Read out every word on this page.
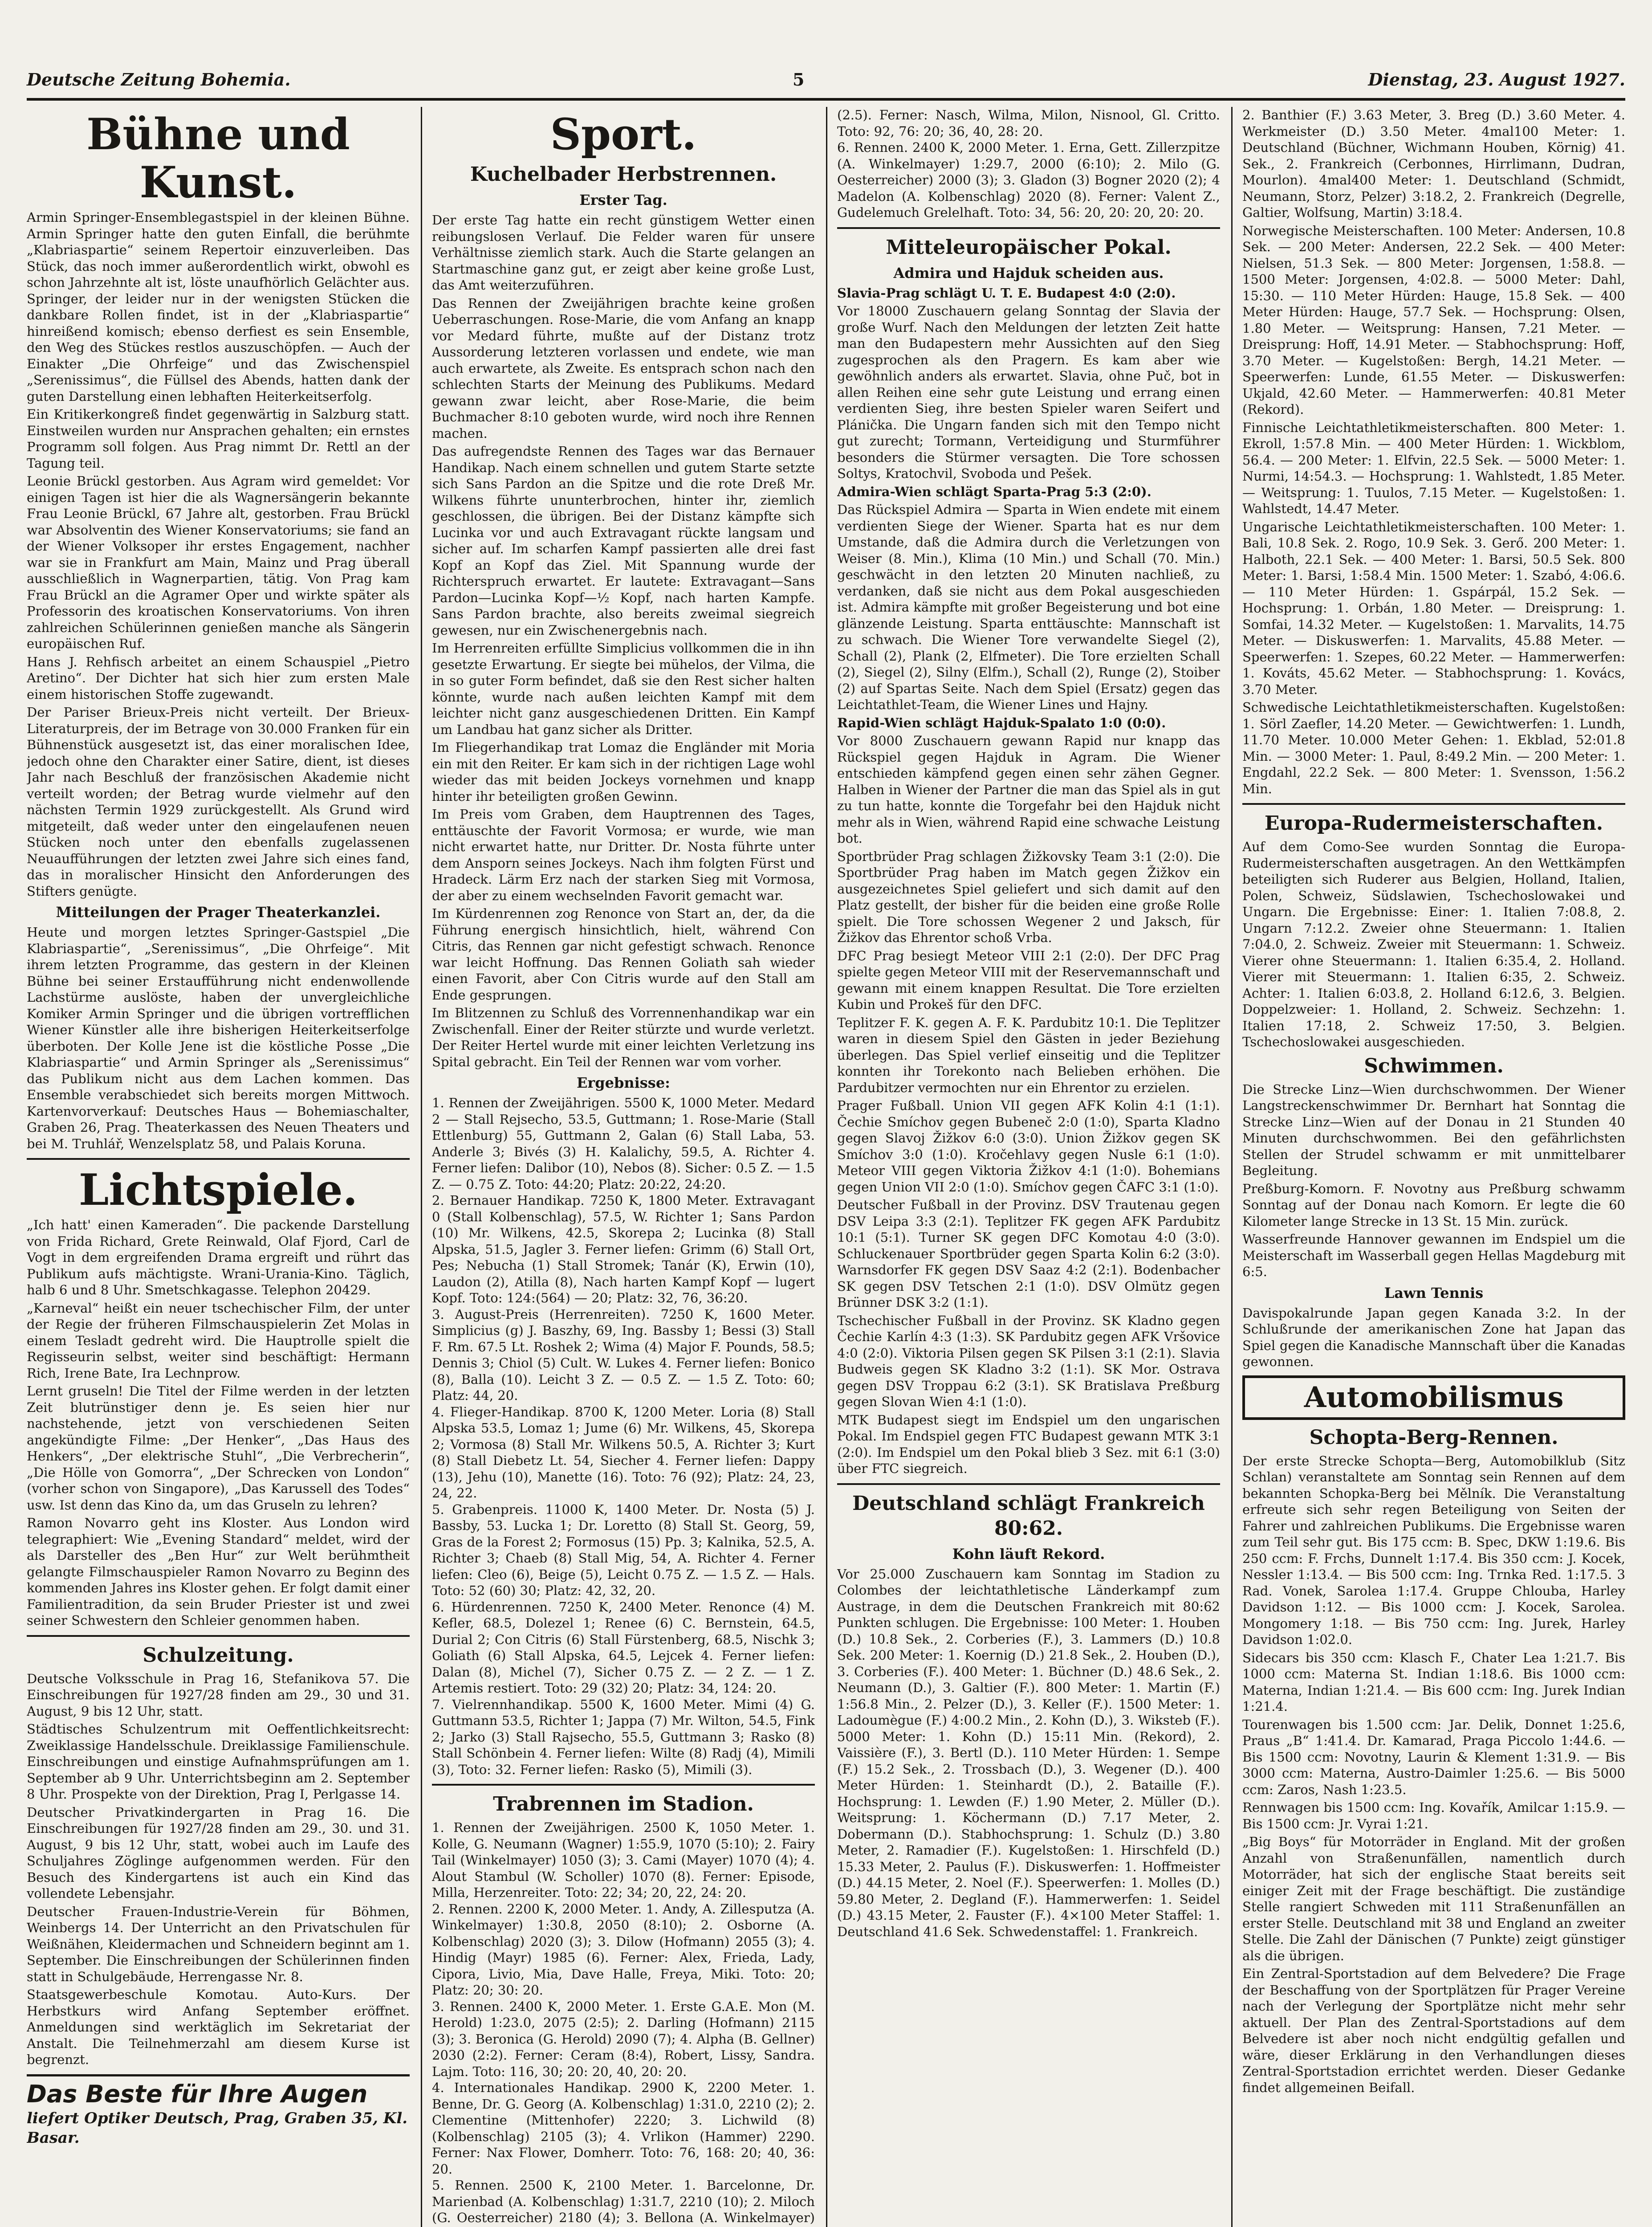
Deutsche Zeitung Bohemia.	5	Dienstag, 23. August 1927.
Bühne und Kunst.

Armin Springer-Ensemblegastspiel in der kleinen Bühne. Armin Springer hatte den guten Einfall, die berühmte „Klabriaspartie“ seinem Repertoir einzuverleiben. Das Stück, das noch immer außerordentlich wirkt, obwohl es schon Jahrzehnte alt ist, löste unaufhörlich Gelächter aus. Springer, der leider nur in der wenigsten Stücken die dankbare Rollen findet, ist in der „Klabriaspartie“ hinreißend komisch; ebenso derfiest es sein Ensemble, den Weg des Stückes restlos auszuschöpfen. — Auch der Einakter „Die Ohrfeige“ und das Zwischenspiel „Serenissimus“, die Füllsel des Abends, hatten dank der guten Darstellung einen lebhaften Heiterkeitserfolg.

Ein Kritikerkongreß findet gegenwärtig in Salzburg statt. Einstweilen wurden nur Ansprachen gehalten; ein ernstes Programm soll folgen. Aus Prag nimmt Dr. Rettl an der Tagung teil.

Leonie Brückl gestorben. Aus Agram wird gemeldet: Vor einigen Tagen ist hier die als Wagnersängerin bekannte Frau Leonie Brückl, 67 Jahre alt, gestorben. Frau Brückl war Absolventin des Wiener Konservatoriums; sie fand an der Wiener Volksoper ihr erstes Engagement, nachher war sie in Frankfurt am Main, Mainz und Prag überall ausschließlich in Wagnerpartien, tätig. Von Prag kam Frau Brückl an die Agramer Oper und wirkte später als Professorin des kroatischen Konservatoriums. Von ihren zahlreichen Schülerinnen genießen manche als Sängerin europäischen Ruf.

Hans J. Rehfisch arbeitet an einem Schauspiel „Pietro Aretino“. Der Dichter hat sich hier zum ersten Male einem historischen Stoffe zugewandt.

Der Pariser Brieux-Preis nicht verteilt. Der Brieux-Literaturpreis, der im Betrage von 30.000 Franken für ein Bühnenstück ausgesetzt ist, das einer moralischen Idee, jedoch ohne den Charakter einer Satire, dient, ist dieses Jahr nach Beschluß der französischen Akademie nicht verteilt worden; der Betrag wurde vielmehr auf den nächsten Termin 1929 zurückgestellt. Als Grund wird mitgeteilt, daß weder unter den eingelaufenen neuen Stücken noch unter den ebenfalls zugelassenen Neuaufführungen der letzten zwei Jahre sich eines fand, das in moralischer Hinsicht den Anforderungen des Stifters genügte.

Mitteilungen der Prager Theaterkanzlei.

Heute und morgen letztes Springer-Gastspiel „Die Klabriaspartie“, „Serenissimus“, „Die Ohrfeige“. Mit ihrem letzten Programme, das gestern in der Kleinen Bühne bei seiner Erstaufführung nicht endenwollende Lachstürme auslöste, haben der unvergleichliche Komiker Armin Springer und die übrigen vortrefflichen Wiener Künstler alle ihre bisherigen Heiterkeitserfolge überboten. Der Kolle Jene ist die köstliche Posse „Die Klabriaspartie“ und Armin Springer als „Serenissimus“ das Publikum nicht aus dem Lachen kommen. Das Ensemble verabschiedet sich bereits morgen Mittwoch. Kartenvorverkauf: Deutsches Haus — Bohemiaschalter, Graben 26, Prag. Theaterkassen des Neuen Theaters und bei M. Truhlář, Wenzelsplatz 58, und Palais Koruna.

Lichtspiele.

„Ich hatt' einen Kameraden“. Die packende Darstellung von Frida Richard, Grete Reinwald, Olaf Fjord, Carl de Vogt in dem ergreifenden Drama ergreift und rührt das Publikum aufs mächtigste. Wrani-Urania-Kino. Täglich, halb 6 und 8 Uhr. Smetschkagasse. Telephon 20429.

„Karneval“ heißt ein neuer tschechischer Film, der unter der Regie der früheren Filmschauspielerin Zet Molas in einem Tesladt gedreht wird. Die Hauptrolle spielt die Regisseurin selbst, weiter sind beschäftigt: Hermann Rich, Irene Bate, Ira Lechnprow.

Lernt gruseln! Die Titel der Filme werden in der letzten Zeit blutrünstiger denn je. Es seien hier nur nachstehende, jetzt von verschiedenen Seiten angekündigte Filme: „Der Henker“, „Das Haus des Henkers“, „Der elektrische Stuhl“, „Die Verbrecherin“, „Die Hölle von Gomorra“, „Der Schrecken von London“ (vorher schon von Singapore), „Das Karussell des Todes“ usw. Ist denn das Kino da, um das Gruseln zu lehren?

Ramon Novarro geht ins Kloster. Aus London wird telegraphiert: Wie „Evening Standard“ meldet, wird der als Darsteller des „Ben Hur“ zur Welt berühmtheit gelangte Filmschauspieler Ramon Novarro zu Beginn des kommenden Jahres ins Kloster gehen. Er folgt damit einer Familientradition, da sein Bruder Priester ist und zwei seiner Schwestern den Schleier genommen haben.

Schulzeitung.

Deutsche Volksschule in Prag 16, Stefanikova 57. Die Einschreibungen für 1927/28 finden am 29., 30 und 31. August, 9 bis 12 Uhr, statt.

Städtisches Schulzentrum mit Oeffentlichkeitsrecht: Zweiklassige Handelsschule. Dreiklassige Familienschule. Einschreibungen und einstige Aufnahmsprüfungen am 1. September ab 9 Uhr. Unterrichtsbeginn am 2. September 8 Uhr. Prospekte von der Direktion, Prag I, Perlgasse 14.

Deutscher Privatkindergarten in Prag 16. Die Einschreibungen für 1927/28 finden am 29., 30. und 31. August, 9 bis 12 Uhr, statt, wobei auch im Laufe des Schuljahres Zöglinge aufgenommen werden. Für den Besuch des Kindergartens ist auch ein Kind das vollendete Lebensjahr.

Deutscher Frauen-Industrie-Verein für Böhmen, Weinbergs 14. Der Unterricht an den Privatschulen für Weißnähen, Kleidermachen und Schneidern beginnt am 1. September. Die Einschreibungen der Schülerinnen finden statt in Schulgebäude, Herrengasse Nr. 8.

Staatsgewerbeschule Komotau. Auto-Kurs. Der Herbstkurs wird Anfang September eröffnet. Anmeldungen sind werktäglich im Sekretariat der Anstalt. Die Teilnehmerzahl am diesem Kurse ist begrenzt.

Das Beste für Ihre Augen
liefert Optiker Deutsch, Prag, Graben 35, Kl. Basar.
Sport.
Kuchelbader Herbstrennen.
Erster Tag.

Der erste Tag hatte ein recht günstigem Wetter einen reibungslosen Verlauf. Die Felder waren für unsere Verhältnisse ziemlich stark. Auch die Starte gelangen an Startmaschine ganz gut, er zeigt aber keine große Lust, das Amt weiterzuführen.

Das Rennen der Zweijährigen brachte keine großen Ueberraschungen. Rose-Marie, die vom Anfang an knapp vor Medard führte, mußte auf der Distanz trotz Aussorderung letzteren vorlassen und endete, wie man auch erwartete, als Zweite. Es entsprach schon nach den schlechten Starts der Meinung des Publikums. Medard gewann zwar leicht, aber Rose-Marie, die beim Buchmacher 8:10 geboten wurde, wird noch ihre Rennen machen.

Das aufregendste Rennen des Tages war das Bernauer Handikap. Nach einem schnellen und gutem Starte setzte sich Sans Pardon an die Spitze und die rote Dreß Mr. Wilkens führte ununterbrochen, hinter ihr, ziemlich geschlossen, die übrigen. Bei der Distanz kämpfte sich Lucinka vor und auch Extravagant rückte langsam und sicher auf. Im scharfen Kampf passierten alle drei fast Kopf an Kopf das Ziel. Mit Spannung wurde der Richterspruch erwartet. Er lautete: Extravagant—Sans Pardon—Lucinka Kopf—½ Kopf, nach harten Kampfe. Sans Pardon brachte, also bereits zweimal siegreich gewesen, nur ein Zwischenergebnis nach.

Im Herrenreiten erfüllte Simplicius vollkommen die in ihn gesetzte Erwartung. Er siegte bei mühelos, der Vilma, die in so guter Form befindet, daß sie den Rest sicher halten könnte, wurde nach außen leichten Kampf mit dem leichter nicht ganz ausgeschiedenen Dritten. Ein Kampf um Landbau hat ganz sicher als Dritter.

Im Fliegerhandikap trat Lomaz die Engländer mit Moria ein mit den Reiter. Er kam sich in der richtigen Lage wohl wieder das mit beiden Jockeys vornehmen und knapp hinter ihr beteiligten großen Gewinn.

Im Preis vom Graben, dem Hauptrennen des Tages, enttäuschte der Favorit Vormosa; er wurde, wie man nicht erwartet hatte, nur Dritter. Dr. Nosta führte unter dem Ansporn seines Jockeys. Nach ihm folgten Fürst und Hradeck. Lärm Erz nach der starken Sieg mit Vormosa, der aber zu einem wechselnden Favorit gemacht war.

Im Kürdenrennen zog Renonce von Start an, der, da die Führung energisch hinsichtlich, hielt, während Con Citris, das Rennen gar nicht gefestigt schwach. Renonce war leicht Hoffnung. Das Rennen Goliath sah wieder einen Favorit, aber Con Citris wurde auf den Stall am Ende gesprungen.

Im Blitzennen zu Schluß des Vorrennenhandikap war ein Zwischenfall. Einer der Reiter stürzte und wurde verletzt. Der Reiter Hertel wurde mit einer leichten Verletzung ins Spital gebracht. Ein Teil der Rennen war vom vorher.

Ergebnisse:

1. Rennen der Zweijährigen. 5500 K, 1000 Meter. Medard 2 — Stall Rejsecho, 53.5, Guttmann; 1. Rose-Marie (Stall Ettlenburg) 55, Guttmann 2, Galan (6) Stall Laba, 53. Anderle 3; Bivés (3) H. Kalalichy, 59.5, A. Richter 4. Ferner liefen: Dalibor (10), Nebos (8). Sicher: 0.5 Z. — 1.5 Z. — 0.75 Z. Toto: 44:20; Platz: 20:22, 24:20.
2. Bernauer Handikap. 7250 K, 1800 Meter. Extravagant 0 (Stall Kolbenschlag), 57.5, W. Richter 1; Sans Pardon (10) Mr. Wilkens, 42.5, Skorepa 2; Lucinka (8) Stall Alpska, 51.5, Jagler 3. Ferner liefen: Grimm (6) Stall Ort, Pes; Nebucha (1) Stall Stromek; Tanár (K), Erwin (10), Laudon (2), Atilla (8), Nach harten Kampf Kopf — lugert Kopf. Toto: 124:(564) — 20; Platz: 32, 76, 36:20.
3. August-Preis (Herrenreiten). 7250 K, 1600 Meter. Simplicius (g) J. Baszhy, 69, Ing. Bassby 1; Bessi (3) Stall F. Rm. 67.5 Lt. Roshek 2; Wima (4) Major F. Pounds, 58.5; Dennis 3; Chiol (5) Cult. W. Lukes 4. Ferner liefen: Bonico (8), Balla (10). Leicht 3 Z. — 0.5 Z. — 1.5 Z. Toto: 60; Platz: 44, 20.
4. Flieger-Handikap. 8700 K, 1200 Meter. Loria (8) Stall Alpska 53.5, Lomaz 1; Jume (6) Mr. Wilkens, 45, Skorepa 2; Vormosa (8) Stall Mr. Wilkens 50.5, A. Richter 3; Kurt (8) Stall Diebetz Lt. 54, Siecher 4. Ferner liefen: Dappy (13), Jehu (10), Manette (16). Toto: 76 (92); Platz: 24, 23, 24, 22.
5. Grabenpreis. 11000 K, 1400 Meter. Dr. Nosta (5) J. Bassby, 53. Lucka 1; Dr. Loretto (8) Stall St. Georg, 59, Gras de la Forest 2; Formosus (15) Pp. 3; Kalnika, 52.5, A. Richter 3; Chaeb (8) Stall Mig, 54, A. Richter 4. Ferner liefen: Cleo (6), Beige (5), Leicht 0.75 Z. — 1.5 Z. — Hals. Toto: 52 (60) 30; Platz: 42, 32, 20.
6. Hürdenrennen. 7250 K, 2400 Meter. Renonce (4) M. Kefler, 68.5, Dolezel 1; Renee (6) C. Bernstein, 64.5, Durial 2; Con Citris (6) Stall Fürstenberg, 68.5, Nischk 3; Goliath (6) Stall Alpska, 64.5, Lejcek 4. Ferner liefen: Dalan (8), Michel (7), Sicher 0.75 Z. — 2 Z. — 1 Z. Artemis restiert. Toto: 29 (32) 20; Platz: 34, 124: 20.
7. Vielrennhandikap. 5500 K, 1600 Meter. Mimi (4) G. Guttmann 53.5, Richter 1; Jappa (7) Mr. Wilton, 54.5, Fink 2; Jarko (3) Stall Rajsecho, 55.5, Guttmann 3; Rasko (8) Stall Schönbein 4. Ferner liefen: Wilte (8) Radj (4), Mimili (3), Toto: 32. Ferner liefen: Rasko (5), Mimili (3).

Trabrennen im Stadion.

1. Rennen der Zweijährigen. 2500 K, 1050 Meter. 1. Kolle, G. Neumann (Wagner) 1:55.9, 1070 (5:10); 2. Fairy Tail (Winkelmayer) 1050 (3); 3. Cami (Mayer) 1070 (4); 4. Alout Stambul (W. Scholler) 1070 (8). Ferner: Episode, Milla, Herzenreiter. Toto: 22; 34; 20, 22, 24: 20.
2. Rennen. 2200 K, 2000 Meter. 1. Andy, A. Zillesputza (A. Winkelmayer) 1:30.8, 2050 (8:10); 2. Osborne (A. Kolbenschlag) 2020 (3); 3. Dilow (Hofmann) 2055 (3); 4. Hindig (Mayr) 1985 (6). Ferner: Alex, Frieda, Lady, Cipora, Livio, Mia, Dave Halle, Freya, Miki. Toto: 20; Platz: 20; 30: 20.
3. Rennen. 2400 K, 2000 Meter. 1. Erste G.A.E. Mon (M. Herold) 1:23.0, 2075 (2:5); 2. Darling (Hofmann) 2115 (3); 3. Beronica (G. Herold) 2090 (7); 4. Alpha (B. Gellner) 2030 (2:2). Ferner: Ceram (8:4), Robert, Lissy, Sandra. Lajm. Toto: 116, 30; 20: 20, 40, 20: 20.
4. Internationales Handikap. 2900 K, 2200 Meter. 1. Benne, Dr. G. Georg (A. Kolbenschlag) 1:31.0, 2210 (2); 2. Clementine (Mittenhofer) 2220; 3. Lichwild (8) (Kolbenschlag) 2105 (3); 4. Vrlikon (Hammer) 2290. Ferner: Nax Flower, Domherr. Toto: 76, 168: 20; 40, 36: 20.
5. Rennen. 2500 K, 2100 Meter. 1. Barcelonne, Dr. Marienbad (A. Kolbenschlag) 1:31.7, 2210 (10); 2. Miloch (G. Oesterreicher) 2180 (4); 3. Bellona (A. Winkelmayer)

(2.5). Ferner: Nasch, Wilma, Milon, Nisnool, Gl. Critto. Toto: 92, 76: 20; 36, 40, 28: 20.
6. Rennen. 2400 K, 2000 Meter. 1. Erna, Gett. Zillerzpitze (A. Winkelmayer) 1:29.7, 2000 (6:10); 2. Milo (G. Oesterreicher) 2000 (3); 3. Gladon (3) Bogner 2020 (2); 4 Madelon (A. Kolbenschlag) 2020 (8). Ferner: Valent Z., Gudelemuch Grelelhaft. Toto: 34, 56: 20, 20: 20, 20: 20.

Mitteleuropäischer Pokal.
Admira und Hajduk scheiden aus.
Slavia-Prag schlägt U. T. E. Budapest 4:0 (2:0).

Vor 18000 Zuschauern gelang Sonntag der Slavia der große Wurf. Nach den Meldungen der letzten Zeit hatte man den Budapestern mehr Aussichten auf den Sieg zugesprochen als den Pragern. Es kam aber wie gewöhnlich anders als erwartet. Slavia, ohne Puč, bot in allen Reihen eine sehr gute Leistung und errang einen verdienten Sieg, ihre besten Spieler waren Seifert und Plánička. Die Ungarn fanden sich mit den Tempo nicht gut zurecht; Tormann, Verteidigung und Sturmführer besonders die Stürmer versagten. Die Tore schossen Soltys, Kratochvil, Svoboda und Pešek.

Admira-Wien schlägt Sparta-Prag 5:3 (2:0).

Das Rückspiel Admira — Sparta in Wien endete mit einem verdienten Siege der Wiener. Sparta hat es nur dem Umstande, daß die Admira durch die Verletzungen von Weiser (8. Min.), Klima (10 Min.) und Schall (70. Min.) geschwächt in den letzten 20 Minuten nachließ, zu verdanken, daß sie nicht aus dem Pokal ausgeschieden ist. Admira kämpfte mit großer Begeisterung und bot eine glänzende Leistung. Sparta enttäuschte: Mannschaft ist zu schwach. Die Wiener Tore verwandelte Siegel (2), Schall (2), Plank (2, Elfmeter). Die Tore erzielten Schall (2), Siegel (2), Silny (Elfm.), Schall (2), Runge (2), Stoiber (2) auf Spartas Seite. Nach dem Spiel (Ersatz) gegen das Leichtathlet-Team, die Wiener Lines und Hajny.

Rapid-Wien schlägt Hajduk-Spalato 1:0 (0:0).

Vor 8000 Zuschauern gewann Rapid nur knapp das Rückspiel gegen Hajduk in Agram. Die Wiener entschieden kämpfend gegen einen sehr zähen Gegner. Halben in Wiener der Partner die man das Spiel als in gut zu tun hatte, konnte die Torgefahr bei den Hajduk nicht mehr als in Wien, während Rapid eine schwache Leistung bot.

Sportbrüder Prag schlagen Žižkovsky Team 3:1 (2:0). Die Sportbrüder Prag haben im Match gegen Žižkov ein ausgezeichnetes Spiel geliefert und sich damit auf den Platz gestellt, der bisher für die beiden eine große Rolle spielt. Die Tore schossen Wegener 2 und Jaksch, für Žižkov das Ehrentor schoß Vrba.

DFC Prag besiegt Meteor VIII 2:1 (2:0). Der DFC Prag spielte gegen Meteor VIII mit der Reservemannschaft und gewann mit einem knappen Resultat. Die Tore erzielten Kubin und Prokeš für den DFC.

Teplitzer F. K. gegen A. F. K. Pardubitz 10:1. Die Teplitzer waren in diesem Spiel den Gästen in jeder Beziehung überlegen. Das Spiel verlief einseitig und die Teplitzer konnten ihr Torekonto nach Belieben erhöhen. Die Pardubitzer vermochten nur ein Ehrentor zu erzielen.

Prager Fußball. Union VII gegen AFK Kolin 4:1 (1:1). Čechie Smíchov gegen Bubeneč 2:0 (1:0), Sparta Kladno gegen Slavoj Žižkov 6:0 (3:0). Union Žižkov gegen SK Smíchov 3:0 (1:0). Kročehlavy gegen Nusle 6:1 (1:0). Meteor VIII gegen Viktoria Žižkov 4:1 (1:0). Bohemians gegen Union VII 2:0 (1:0). Smíchov gegen ČAFC 3:1 (1:0).

Deutscher Fußball in der Provinz. DSV Trautenau gegen DSV Leipa 3:3 (2:1). Teplitzer FK gegen AFK Pardubitz 10:1 (5:1). Turner SK gegen DFC Komotau 4:0 (3:0). Schluckenauer Sportbrüder gegen Sparta Kolin 6:2 (3:0). Warnsdorfer FK gegen DSV Saaz 4:2 (2:1). Bodenbacher SK gegen DSV Tetschen 2:1 (1:0). DSV Olmütz gegen Brünner DSK 3:2 (1:1).

Tschechischer Fußball in der Provinz. SK Kladno gegen Čechie Karlín 4:3 (1:3). SK Pardubitz gegen AFK Vršovice 4:0 (2:0). Viktoria Pilsen gegen SK Pilsen 3:1 (2:1). Slavia Budweis gegen SK Kladno 3:2 (1:1). SK Mor. Ostrava gegen DSV Troppau 6:2 (3:1). SK Bratislava Preßburg gegen Slovan Wien 4:1 (1:0).

MTK Budapest siegt im Endspiel um den ungarischen Pokal. Im Endspiel gegen FTC Budapest gewann MTK 3:1 (2:0). Im Endspiel um den Pokal blieb 3 Sez. mit 6:1 (3:0) über FTC siegreich.

Deutschland schlägt Frankreich 80:62.
Kohn läuft Rekord.

Vor 25.000 Zuschauern kam Sonntag im Stadion zu Colombes der leichtathletische Länderkampf zum Austrage, in dem die Deutschen Frankreich mit 80:62 Punkten schlugen. Die Ergebnisse: 100 Meter: 1. Houben (D.) 10.8 Sek., 2. Corberies (F.), 3. Lammers (D.) 10.8 Sek. 200 Meter: 1. Koernig (D.) 21.8 Sek., 2. Houben (D.), 3. Corberies (F.). 400 Meter: 1. Büchner (D.) 48.6 Sek., 2. Neumann (D.), 3. Galtier (F.). 800 Meter: 1. Martin (F.) 1:56.8 Min., 2. Pelzer (D.), 3. Keller (F.). 1500 Meter: 1. Ladoumègue (F.) 4:00.2 Min., 2. Kohn (D.), 3. Wiksteb (F.). 5000 Meter: 1. Kohn (D.) 15:11 Min. (Rekord), 2. Vaissière (F.), 3. Bertl (D.). 110 Meter Hürden: 1. Sempe (F.) 15.2 Sek., 2. Trossbach (D.), 3. Wegener (D.). 400 Meter Hürden: 1. Steinhardt (D.), 2. Bataille (F.). Hochsprung: 1. Lewden (F.) 1.90 Meter, 2. Müller (D.). Weitsprung: 1. Köchermann (D.) 7.17 Meter, 2. Dobermann (D.). Stabhochsprung: 1. Schulz (D.) 3.80 Meter, 2. Ramadier (F.). Kugelstoßen: 1. Hirschfeld (D.) 15.33 Meter, 2. Paulus (F.). Diskuswerfen: 1. Hoffmeister (D.) 44.15 Meter, 2. Noel (F.). Speerwerfen: 1. Molles (D.) 59.80 Meter, 2. Degland (F.). Hammerwerfen: 1. Seidel (D.) 43.15 Meter, 2. Fauster (F.). 4×100 Meter Staffel: 1. Deutschland 41.6 Sek. Schwedenstaffel: 1. Frankreich.

2. Banthier (F.) 3.63 Meter, 3. Breg (D.) 3.60 Meter. 4. Werkmeister (D.) 3.50 Meter. 4mal100 Meter: 1. Deutschland (Büchner, Wichmann Houben, Körnig) 41. Sek., 2. Frankreich (Cerbonnes, Hirrlimann, Dudran, Mourlon). 4mal400 Meter: 1. Deutschland (Schmidt, Neumann, Storz, Pelzer) 3:18.2, 2. Frankreich (Degrelle, Galtier, Wolfsung, Martin) 3:18.4.

Norwegische Meisterschaften. 100 Meter: Andersen, 10.8 Sek. — 200 Meter: Andersen, 22.2 Sek. — 400 Meter: Nielsen, 51.3 Sek. — 800 Meter: Jorgensen, 1:58.8. — 1500 Meter: Jorgensen, 4:02.8. — 5000 Meter: Dahl, 15:30. — 110 Meter Hürden: Hauge, 15.8 Sek. — 400 Meter Hürden: Hauge, 57.7 Sek. — Hochsprung: Olsen, 1.80 Meter. — Weitsprung: Hansen, 7.21 Meter. — Dreisprung: Hoff, 14.91 Meter. — Stabhochsprung: Hoff, 3.70 Meter. — Kugelstoßen: Bergh, 14.21 Meter. — Speerwerfen: Lunde, 61.55 Meter. — Diskuswerfen: Ukjald, 42.60 Meter. — Hammerwerfen: 40.81 Meter (Rekord).

Finnische Leichtathletikmeisterschaften. 800 Meter: 1. Ekroll, 1:57.8 Min. — 400 Meter Hürden: 1. Wickblom, 56.4. — 200 Meter: 1. Elfvin, 22.5 Sek. — 5000 Meter: 1. Nurmi, 14:54.3. — Hochsprung: 1. Wahlstedt, 1.85 Meter. — Weitsprung: 1. Tuulos, 7.15 Meter. — Kugelstoßen: 1. Wahlstedt, 14.47 Meter.

Ungarische Leichtathletikmeisterschaften. 100 Meter: 1. Bali, 10.8 Sek. 2. Rogo, 10.9 Sek. 3. Gerő. 200 Meter: 1. Halboth, 22.1 Sek. — 400 Meter: 1. Barsi, 50.5 Sek. 800 Meter: 1. Barsi, 1:58.4 Min. 1500 Meter: 1. Szabó, 4:06.6. — 110 Meter Hürden: 1. Gspárpál, 15.2 Sek. — Hochsprung: 1. Orbán, 1.80 Meter. — Dreisprung: 1. Somfai, 14.32 Meter. — Kugelstoßen: 1. Marvalits, 14.75 Meter. — Diskuswerfen: 1. Marvalits, 45.88 Meter. — Speerwerfen: 1. Szepes, 60.22 Meter. — Hammerwerfen: 1. Kováts, 45.62 Meter. — Stabhochsprung: 1. Kovács, 3.70 Meter.

Schwedische Leichtathletikmeisterschaften. Kugelstoßen: 1. Sörl Zaefler, 14.20 Meter. — Gewichtwerfen: 1. Lundh, 11.70 Meter. 10.000 Meter Gehen: 1. Ekblad, 52:01.8 Min. — 3000 Meter: 1. Paul, 8:49.2 Min. — 200 Meter: 1. Engdahl, 22.2 Sek. — 800 Meter: 1. Svensson, 1:56.2 Min.

Europa-Rudermeisterschaften.

Auf dem Como-See wurden Sonntag die Europa-Rudermeisterschaften ausgetragen. An den Wettkämpfen beteiligten sich Ruderer aus Belgien, Holland, Italien, Polen, Schweiz, Südslawien, Tschechoslowakei und Ungarn. Die Ergebnisse: Einer: 1. Italien 7:08.8, 2. Ungarn 7:12.2. Zweier ohne Steuermann: 1. Italien 7:04.0, 2. Schweiz. Zweier mit Steuermann: 1. Schweiz. Vierer ohne Steuermann: 1. Italien 6:35.4, 2. Holland. Vierer mit Steuermann: 1. Italien 6:35, 2. Schweiz. Achter: 1. Italien 6:03.8, 2. Holland 6:12.6, 3. Belgien. Doppelzweier: 1. Holland, 2. Schweiz. Sechzehn: 1. Italien 17:18, 2. Schweiz 17:50, 3. Belgien. Tschechoslowakei ausgeschieden.

Schwimmen.

Die Strecke Linz—Wien durchschwommen. Der Wiener Langstreckenschwimmer Dr. Bernhart hat Sonntag die Strecke Linz—Wien auf der Donau in 21 Stunden 40 Minuten durchschwommen. Bei den gefährlichsten Stellen der Strudel schwamm er mit unmittelbarer Begleitung.

Preßburg-Komorn. F. Novotny aus Preßburg schwamm Sonntag auf der Donau nach Komorn. Er legte die 60 Kilometer lange Strecke in 13 St. 15 Min. zurück.

Wasserfreunde Hannover gewannen im Endspiel um die Meisterschaft im Wasserball gegen Hellas Magdeburg mit 6:5.

Lawn Tennis

Davispokalrunde Japan gegen Kanada 3:2. In der Schlußrunde der amerikanischen Zone hat Japan das Spiel gegen die Kanadische Mannschaft über die Kanadas gewonnen.

Automobilismus
Schopta-Berg-Rennen.

Der erste Strecke Schopta—Berg, Automobilklub (Sitz Schlan) veranstaltete am Sonntag sein Rennen auf dem bekannten Schopka-Berg bei Mělník. Die Veranstaltung erfreute sich sehr regen Beteiligung von Seiten der Fahrer und zahlreichen Publikums. Die Ergebnisse waren zum Teil sehr gut. Bis 175 ccm: B. Spec, DKW 1:19.6. Bis 250 ccm: F. Frchs, Dunnelt 1:17.4. Bis 350 ccm: J. Kocek, Nessler 1:13.4. — Bis 500 ccm: Ing. Trnka Red. 1:17.5. 3 Rad. Vonek, Sarolea 1:17.4. Gruppe Chlouba, Harley Davidson 1:12. — Bis 1000 ccm: J. Kocek, Sarolea. Mongomery 1:18. — Bis 750 ccm: Ing. Jurek, Harley Davidson 1:02.0.

Sidecars bis 350 ccm: Klasch F., Chater Lea 1:21.7. Bis 1000 ccm: Materna St. Indian 1:18.6. Bis 1000 ccm: Materna, Indian 1:21.4. — Bis 600 ccm: Ing. Jurek Indian 1:21.4.

Tourenwagen bis 1.500 ccm: Jar. Delik, Donnet 1:25.6, Praus „B“ 1:41.4. Dr. Kamarad, Praga Piccolo 1:44.6. — Bis 1500 ccm: Novotny, Laurin & Klement 1:31.9. — Bis 3000 ccm: Materna, Austro-Daimler 1:25.6. — Bis 5000 ccm: Zaros, Nash 1:23.5.

Rennwagen bis 1500 ccm: Ing. Kovařík, Amilcar 1:15.9. — Bis 1500 ccm: Jr. Vyrai 1:21.

„Big Boys“ für Motorräder in England. Mit der großen Anzahl von Straßenunfällen, namentlich durch Motorräder, hat sich der englische Staat bereits seit einiger Zeit mit der Frage beschäftigt. Die zuständige Stelle rangiert Schweden mit 111 Straßenunfällen an erster Stelle. Deutschland mit 38 und England an zweiter Stelle. Die Zahl der Dänischen (7 Punkte) zeigt günstiger als die übrigen.

Ein Zentral-Sportstadion auf dem Belvedere? Die Frage der Beschaffung von der Sportplätzen für Prager Vereine nach der Verlegung der Sportplätze nicht mehr sehr aktuell. Der Plan des Zentral-Sportstadions auf dem Belvedere ist aber noch nicht endgültig gefallen und wäre, dieser Erklärung in den Verhandlungen dieses Zentral-Sportstadion errichtet werden. Dieser Gedanke findet allgemeinen Beifall.
